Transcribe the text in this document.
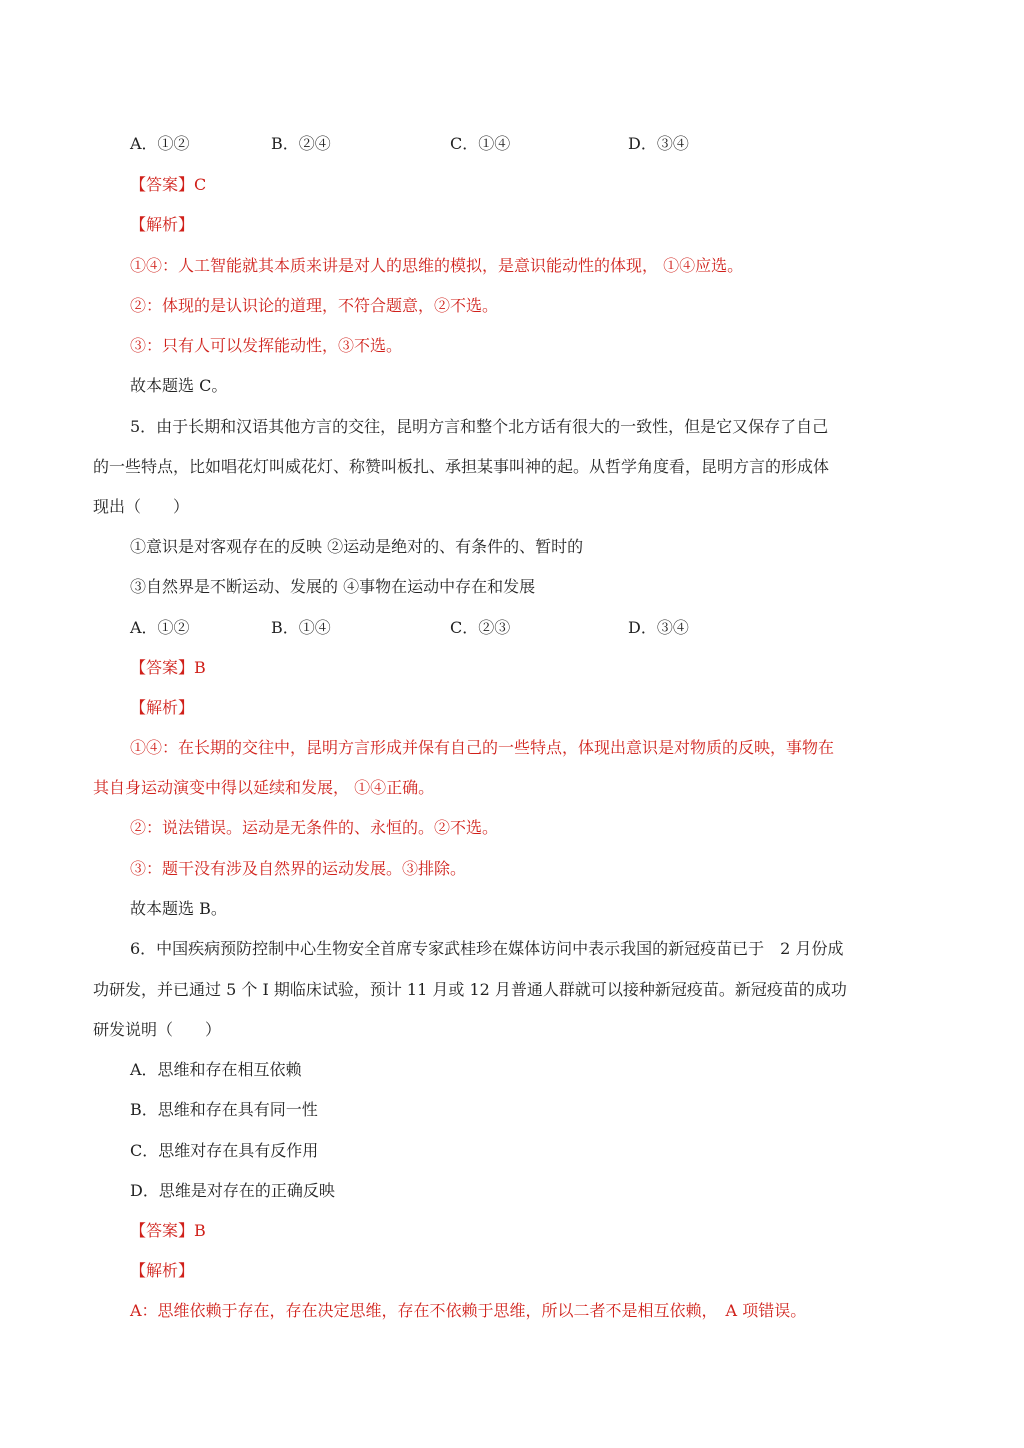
A．①②	B．②④	C．①④	D．③④
【答案】C
【解析】
①④：人工智能就其本质来讲是对人的思维的模拟，是意识能动性的体现， ①④应选。
②：体现的是认识论的道理，不符合题意，②不选。
③：只有人可以发挥能动性，③不选。
故本题选 C。
5．由于长期和汉语其他方言的交往，昆明方言和整个北方话有很大的一致性，但是它又保存了自己
的一些特点，比如唱花灯叫威花灯、称赞叫板扎、承担某事叫神的起。从哲学角度看，昆明方言的形成体
现出（　　）
①意识是对客观存在的反映 ②运动是绝对的、有条件的、暂时的
③自然界是不断运动、发展的 ④事物在运动中存在和发展
A．①②	B．①④	C．②③	D．③④
【答案】B
【解析】
①④：在长期的交往中，昆明方言形成并保有自己的一些特点，体现出意识是对物质的反映，事物在
其自身运动演变中得以延续和发展， ①④正确。
②：说法错误。运动是无条件的、永恒的。②不选。
③：题干没有涉及自然界的运动发展。③排除。
故本题选 B。
6．中国疾病预防控制中心生物安全首席专家武桂珍在媒体访问中表示我国的新冠疫苗已于　2 月份成
功研发，并已通过 5 个 I 期临床试验，预计 11 月或 12 月普通人群就可以接种新冠疫苗。新冠疫苗的成功
研发说明（　　）
A．思维和存在相互依赖
B．思维和存在具有同一性
C．思维对存在具有反作用
D．思维是对存在的正确反映
【答案】B
【解析】
A：思维依赖于存在，存在决定思维，存在不依赖于思维，所以二者不是相互依赖，　A 项错误。
